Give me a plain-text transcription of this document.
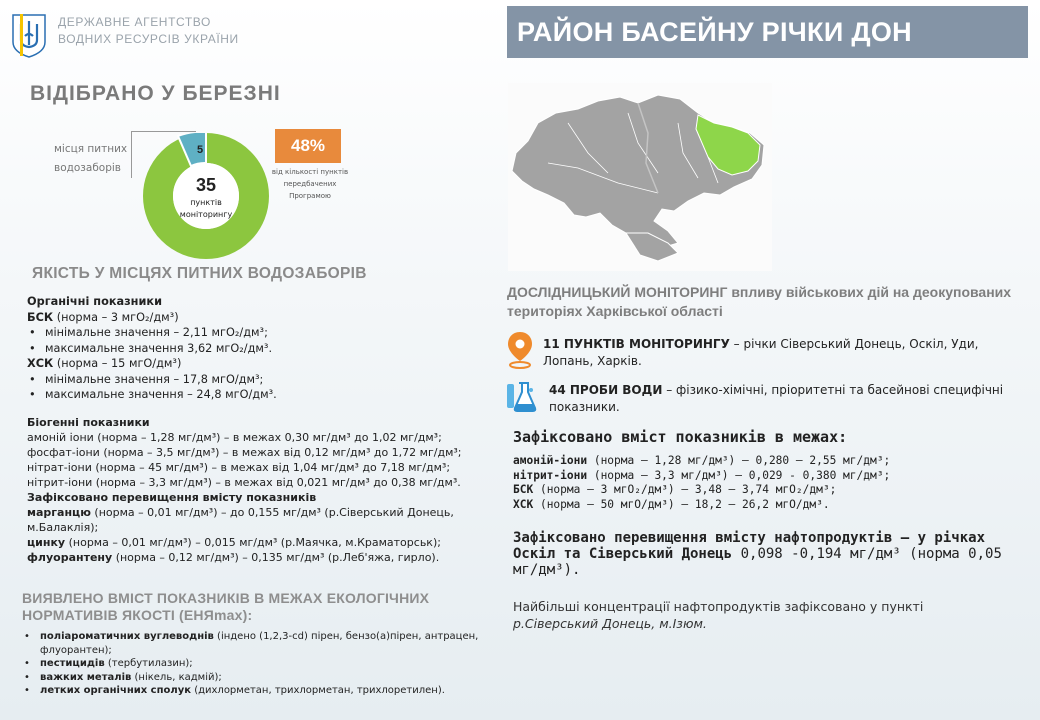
ДЕРЖАВНЕ АГЕНТСТВО
ВОДНИХ РЕСУРСІВ УКРАЇНИ	РАЙОН БАСЕЙНУ РІЧКИ ДОН
ВІДІБРАНО У БЕРЕЗНІ
місця питних
водозаборів
5
35
пунктів
моніторингу
48%
від кількості пунктів
передбачених
Програмою
ЯКІСТЬ У МІСЦЯХ ПИТНИХ ВОДОЗАБОРІВ
Органічні показники
БСК (норма – 3 мгО₂/дм³)
• мінімальне значення – 2,11 мгО₂/дм³;
• максимальне значення 3,62 мгО₂/дм³.
ХСК (норма – 15 мгО/дм³)
• мінімальне значення – 17,8 мгО/дм³;
• максимальне значення – 24,8 мгО/дм³.
Біогенні показники
амоній іони (норма – 1,28 мг/дм³) – в межах 0,30 мг/дм³ до 1,02 мг/дм³;
фосфат-іони (норма – 3,5 мг/дм³) – в межах від 0,12 мг/дм³ до 1,72 мг/дм³;
нітрат-іони (норма – 45 мг/дм³) – в межах від 1,04 мг/дм³ до 7,18 мг/дм³;
нітрит-іони (норма – 3,3 мг/дм³) – в межах від 0,021 мг/дм³ до 0,38 мг/дм³.
Зафіксовано перевищення вмісту показників
марганцю (норма – 0,01 мг/дм³) – до 0,155 мг/дм³ (р.Сіверський Донець, м.Балаклія);
цинку (норма – 0,01 мг/дм³) – 0,015 мг/дм³ (р.Маячка, м.Краматорськ);
флуорантену (норма – 0,12 мг/дм³) – 0,135 мг/дм³ (р.Леб'яжа, гирло).
ВИЯВЛЕНО ВМІСТ ПОКАЗНИКІВ В МЕЖАХ ЕКОЛОГІЧНИХ
НОРМАТИВІВ ЯКОСТІ (ЕНЯmax):
• поліароматичних вуглеводнів (індено (1,2,3-cd) пірен, бензо(а)пірен, антрацен, флуорантен);
• пестицидів (тербутилазин);
• важких металів (нікель, кадмій);
• летких органічних сполук (дихлорметан, трихлорметан, трихлоретилен).
ДОСЛІДНИЦЬКИЙ МОНІТОРИНГ впливу військових дій на деокупованих територіях Харківської області
11 ПУНКТІВ МОНІТОРИНГУ – річки Сіверський Донець, Оскіл, Уди, Лопань, Харків.
44 ПРОБИ ВОДИ – фізико-хімічні, пріоритетні та басейнові специфічні показники.
Зафіксовано вміст показників в межах:
амоній-іони (норма – 1,28 мг/дм³) – 0,280 – 2,55 мг/дм³;
нітрит-іони (норма – 3,3 мг/дм³) – 0,029 - 0,380 мг/дм³;
БСК (норма – 3 мгО₂/дм³) – 3,48 – 3,74 мгО₂/дм³;
ХСК (норма – 50 мгО/дм³) – 18,2 – 26,2 мгО/дм³.
Зафіксовано перевищення вмісту нафтопродуктів – у річках Оскіл та Сіверський Донець 0,098 -0,194 мг/дм³ (норма 0,05 мг/дм³).
Найбільші концентрації нафтопродуктів зафіксовано у пункті
р.Сіверський Донець, м.Ізюм.
